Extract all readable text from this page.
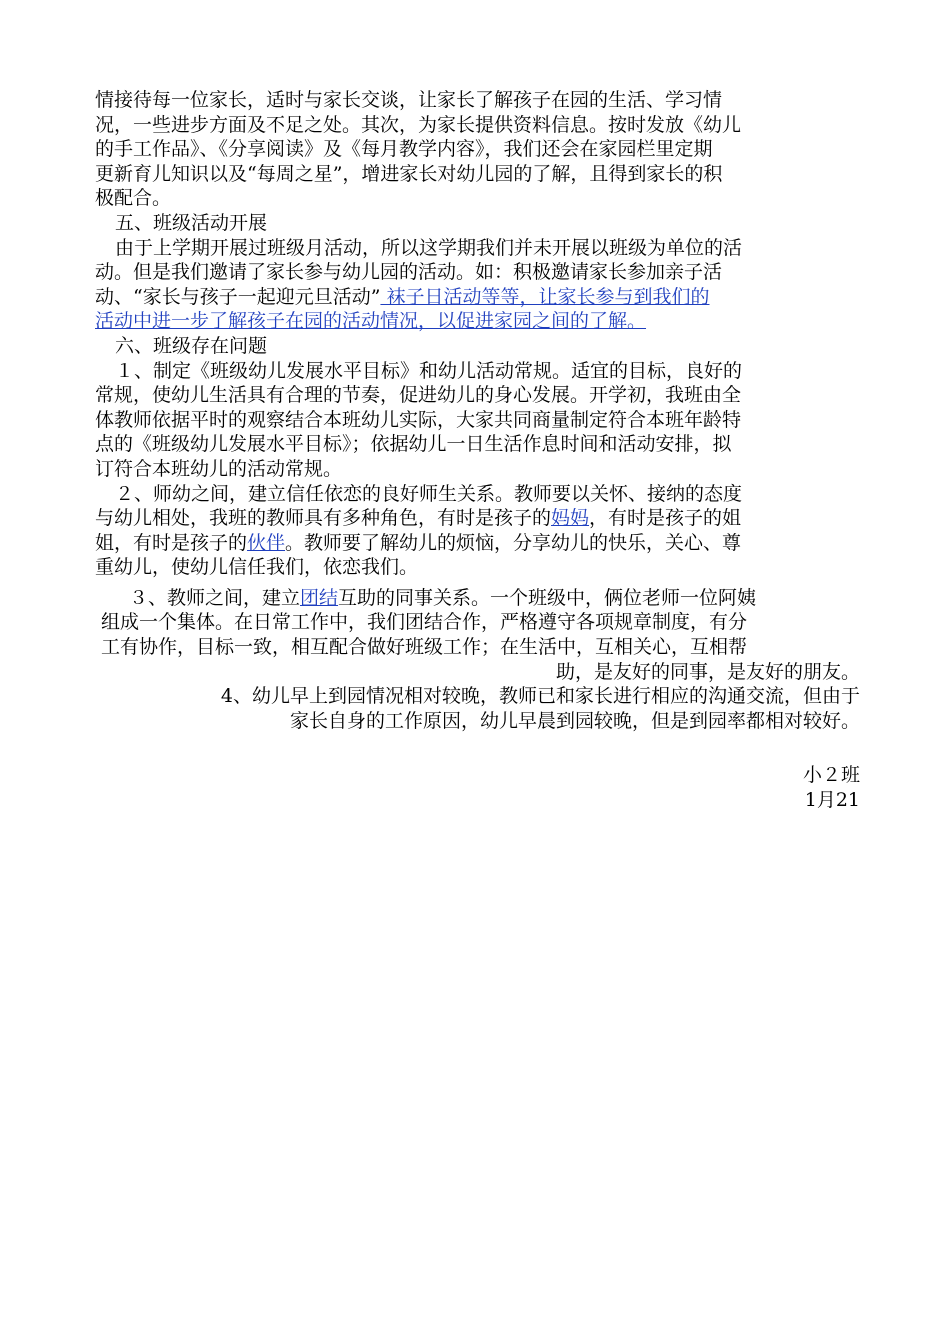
情接待每一位家长，适时与家长交谈，让家长了解孩子在园的生活、学习情
况，一些进步方面及不足之处。其次，为家长提供资料信息。按时发放《幼儿
的手工作品》、《分享阅读》及《每月教学内容》，我们还会在家园栏里定期
更新育儿知识以及“每周之星”，增进家长对幼儿园的了解，且得到家长的积
极配合。
五、班级活动开展
由于上学期开展过班级月活动，所以这学期我们并未开展以班级为单位的活
动。但是我们邀请了家长参与幼儿园的活动。如：积极邀请家长参加亲子活
动、“家长与孩子一起迎元旦活动” 袜子日活动等等，让家长参与到我们的
活动中进一步了解孩子在园的活动情况，以促进家园之间的了解。
六、班级存在问题
１、制定《班级幼儿发展水平目标》和幼儿活动常规。适宜的目标，良好的
常规，使幼儿生活具有合理的节奏，促进幼儿的身心发展。开学初，我班由全
体教师依据平时的观察结合本班幼儿实际，大家共同商量制定符合本班年龄特
点的《班级幼儿发展水平目标》；依据幼儿一日生活作息时间和活动安排，拟
订符合本班幼儿的活动常规。
２、师幼之间，建立信任依恋的良好师生关系。教师要以关怀、接纳的态度
与幼儿相处，我班的教师具有多种角色，有时是孩子的妈妈，有时是孩子的姐
姐，有时是孩子的伙伴。教师要了解幼儿的烦恼，分享幼儿的快乐，关心、尊
重幼儿，使幼儿信任我们，依恋我们。
３、教师之间，建立团结互助的同事关系。一个班级中，俩位老师一位阿姨
组成一个集体。在日常工作中，我们团结合作，严格遵守各项规章制度，有分
工有协作，目标一致，相互配合做好班级工作；在生活中，互相关心，互相帮
助，是友好的同事，是友好的朋友。
4、幼儿早上到园情况相对较晚，教师已和家长进行相应的沟通交流，但由于
家长自身的工作原因，幼儿早晨到园较晚，但是到园率都相对较好。
小２班
1月21
